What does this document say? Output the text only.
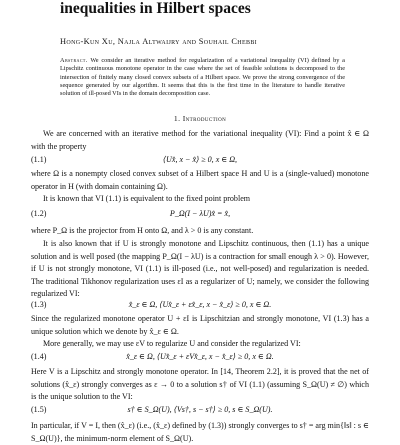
inequalities in Hilbert spaces
Hong-Kun Xu, Najla Altwaijry and Souhail Chebbi
Abstract. We consider an iterative method for regularization of a variational inequality (VI) defined by a Lipschitz continuous monotone operator in the case where the set of feasible solutions is decomposed to the intersection of finitely many closed convex subsets of a Hilbert space. We prove the strong convergence of the sequence generated by our algorithm. It seems that this is the first time in the literature to handle iterative solution of ill-posed VIs in the domain decomposition case.
1. Introduction
We are concerned with an iterative method for the variational inequality (VI): Find a point x̂ ∈ Ω with the property
(1.1)	⟨Ux̂, x − x̂⟩ ≥ 0, x ∈ Ω,
where Ω is a nonempty closed convex subset of a Hilbert space H and U is a (single-valued) monotone operator in H (with domain containing Ω).
It is known that VI (1.1) is equivalent to the fixed point problem
(1.2)	P_Ω(I − λU)x̂ = x̂,
where P_Ω is the projector from H onto Ω, and λ > 0 is any constant.
It is also known that if U is strongly monotone and Lipschitz continuous, then (1.1) has a unique solution and is well posed (the mapping P_Ω(I − λU) is a contraction for small enough λ > 0). However, if U is not strongly monotone, VI (1.1) is ill-posed (i.e., not well-posed) and regularization is needed. The traditional Tikhonov regularization uses εI as a regularizer of U; namely, we consider the following regularized VI:
(1.3)	x̂_ε ∈ Ω, ⟨Ux̂_ε + εx̂_ε, x − x̂_ε⟩ ≥ 0, x ∈ Ω.
Since the regularized monotone operator U + εI is Lipschitzian and strongly monotone, VI (1.3) has a unique solution which we denote by x̂_ε ∈ Ω.
More generally, we may use εV to regularize U and consider the regularized VI:
(1.4)	x̂_ε ∈ Ω, ⟨Ux̂_ε + εVx̂_ε, x − x̂_ε⟩ ≥ 0, x ∈ Ω.
Here V is a Lipschitz and strongly monotone operator. In [14, Theorem 2.2], it is proved that the net of solutions (x̂_ε) strongly converges as ε → 0 to a solution s† of VI (1.1) (assuming S_Ω(U) ≠ ∅) which is the unique solution to the VI:
(1.5)	s† ∈ S_Ω(U), ⟨Vs†, s − s†⟩ ≥ 0, s ∈ S_Ω(U).
In particular, if V = I, then (x̂_ε) (i.e., (x̂_ε) defined by (1.3)) strongly converges to s† = arg min{‖s‖ : s ∈ S_Ω(U)}, the minimum-norm element of S_Ω(U).
